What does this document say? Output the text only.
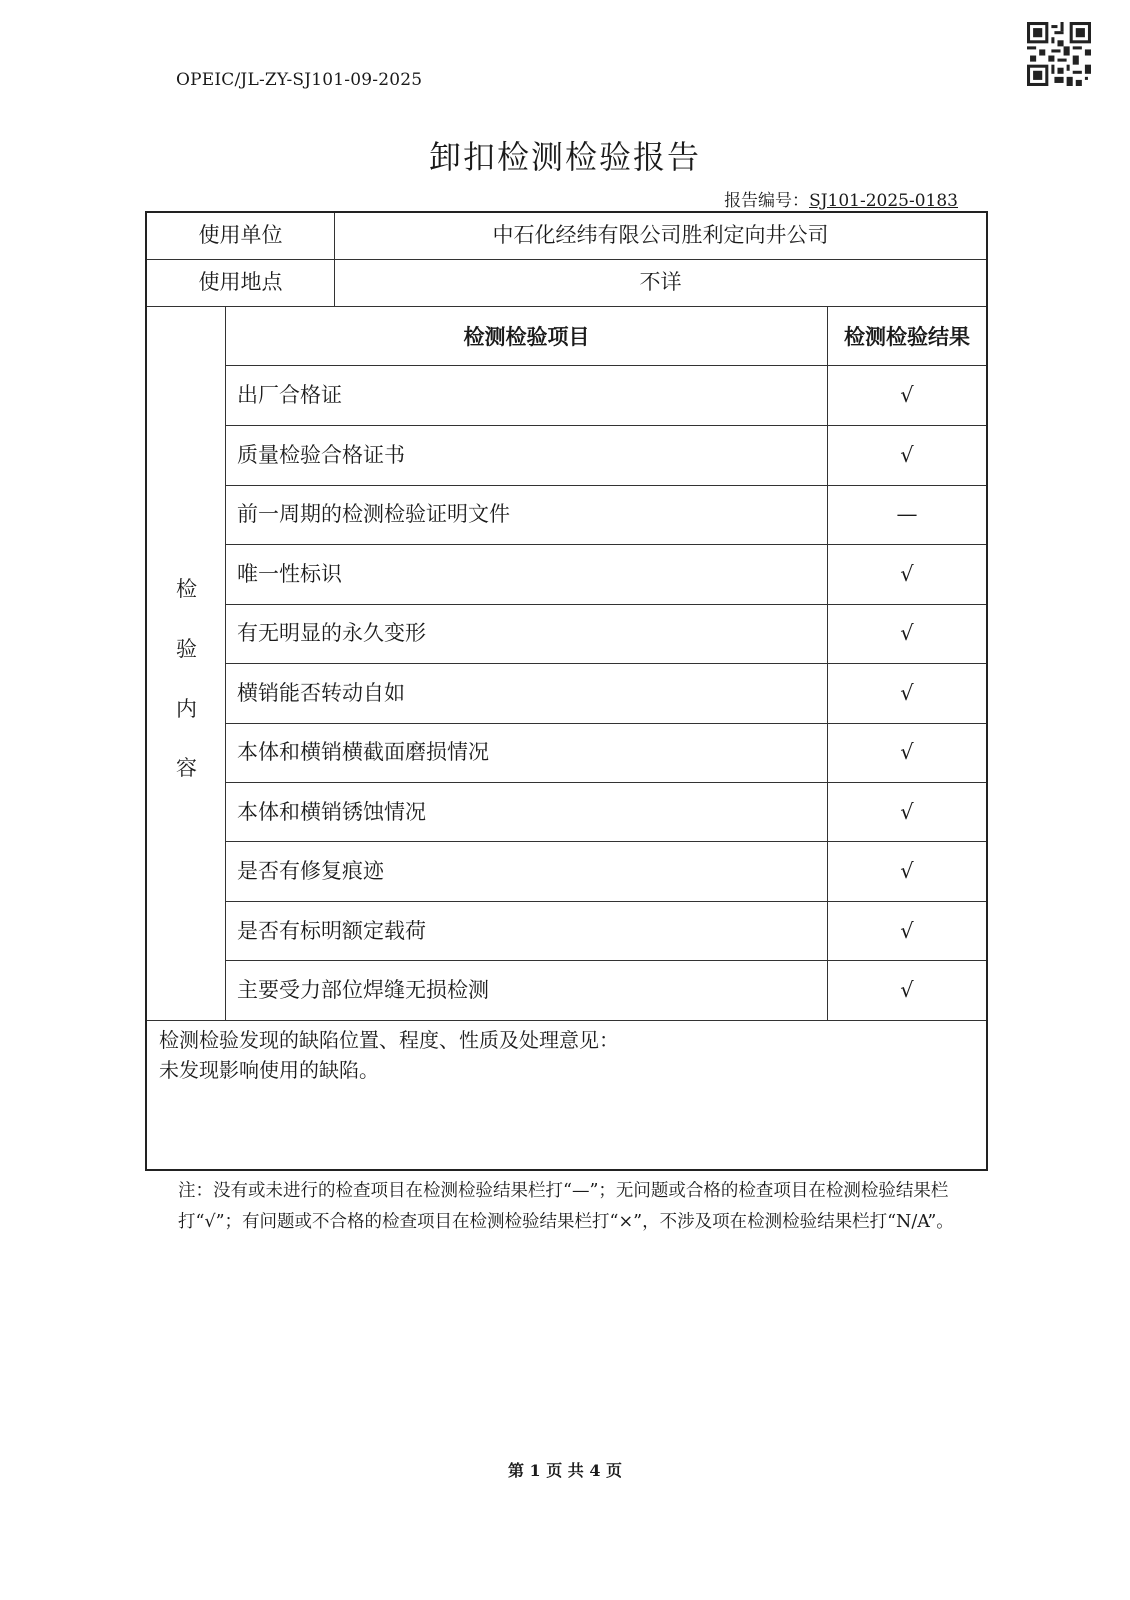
OPEIC/JL-ZY-SJ101-09-2025
卸扣检测检验报告
报告编号：SJ101-2025-0183
使用单位	中石化经纬有限公司胜利定向井公司
使用地点	不详
检
验
内
容
检测检验项目	检测检验结果
出厂合格证	√
质量检验合格证书	√
前一周期的检测检验证明文件	—
唯一性标识	√
有无明显的永久变形	√
横销能否转动自如	√
本体和横销横截面磨损情况	√
本体和横销锈蚀情况	√
是否有修复痕迹	√
是否有标明额定载荷	√
主要受力部位焊缝无损检测	√
检测检验发现的缺陷位置、程度、性质及处理意见：
未发现影响使用的缺陷。
注：没有或未进行的检查项目在检测检验结果栏打“—”；无问题或合格的检查项目在检测检验结果栏打“√”；有问题或不合格的检查项目在检测检验结果栏打“×”，不涉及项在检测检验结果栏打“N/A”。
第 1 页 共 4 页
